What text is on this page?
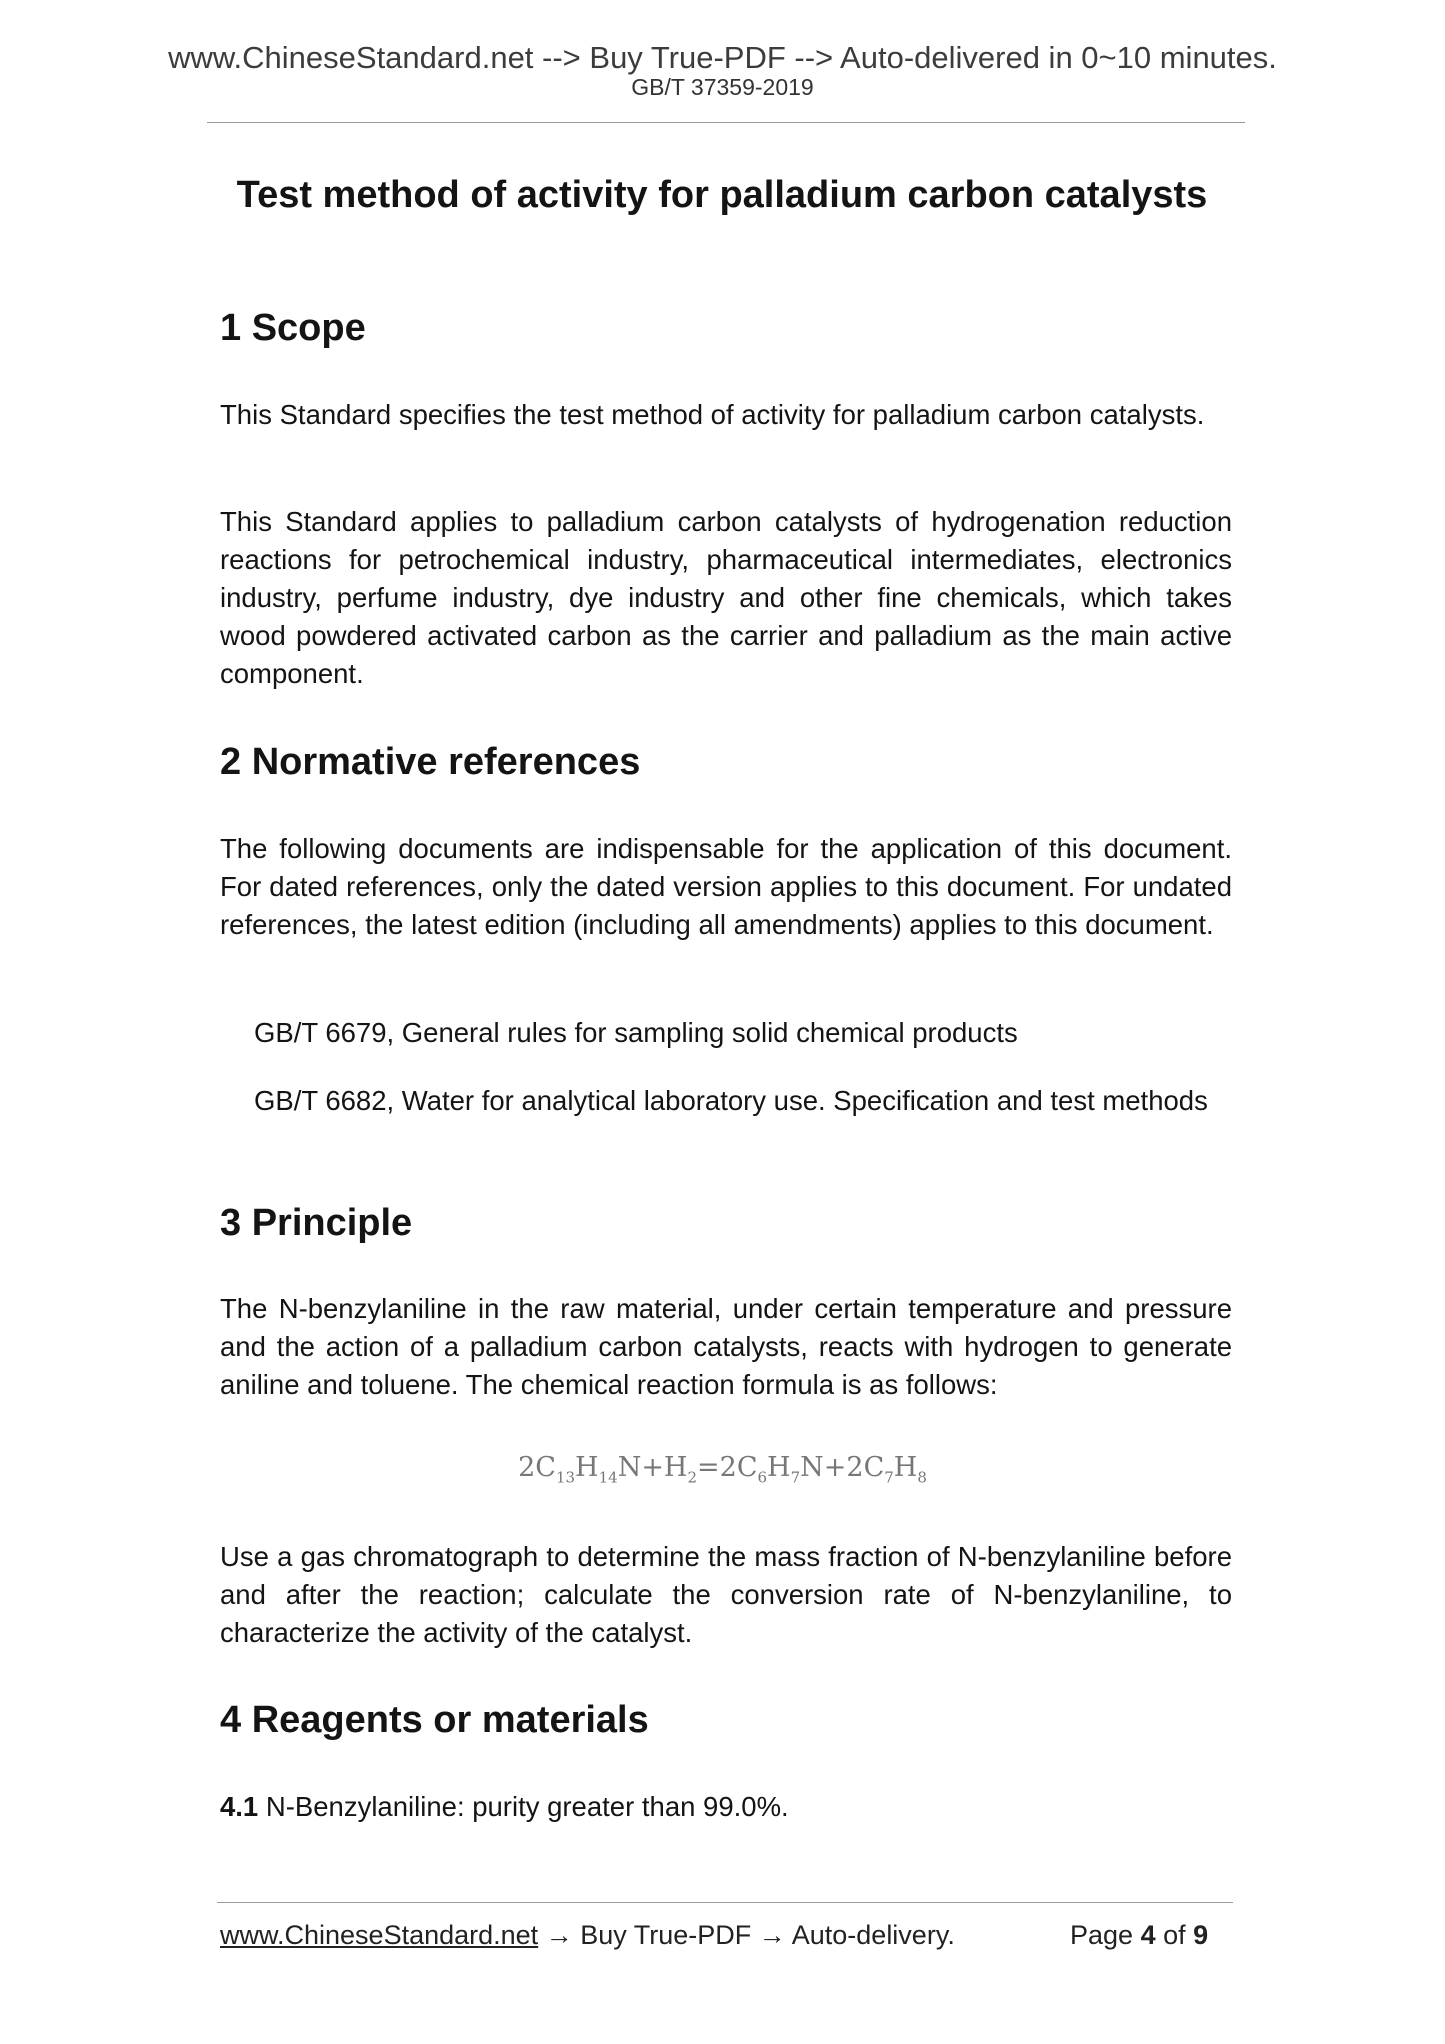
www.ChineseStandard.net --> Buy True-PDF --> Auto-delivered in 0~10 minutes.
GB/T 37359-2019
Test method of activity for palladium carbon catalysts
1 Scope

This Standard specifies the test method of activity for palladium carbon catalysts.

This Standard applies to palladium carbon catalysts of hydrogenation reduction reactions for petrochemical industry, pharmaceutical intermediates, electronics industry, perfume industry, dye industry and other fine chemicals, which takes wood powdered activated carbon as the carrier and palladium as the main active component.

2 Normative references

The following documents are indispensable for the application of this document. For dated references, only the dated version applies to this document. For undated references, the latest edition (including all amendments) applies to this document.

GB/T 6679, General rules for sampling solid chemical products

GB/T 6682, Water for analytical laboratory use. Specification and test methods

3 Principle

The N-benzylaniline in the raw material, under certain temperature and pressure and the action of a palladium carbon catalysts, reacts with hydrogen to generate aniline and toluene. The chemical reaction formula is as follows:

$2C_{13}H_{14}N+H_2=2C_6H_7N+2C_7H_8$

Use a gas chromatograph to determine the mass fraction of N-benzylaniline before and after the reaction; calculate the conversion rate of N-benzylaniline, to characterize the activity of the catalyst.

4 Reagents or materials

4.1 N-Benzylaniline: purity greater than 99.0%.

www.ChineseStandard.net → Buy True-PDF → Auto-delivery.	Page 4 of 9
